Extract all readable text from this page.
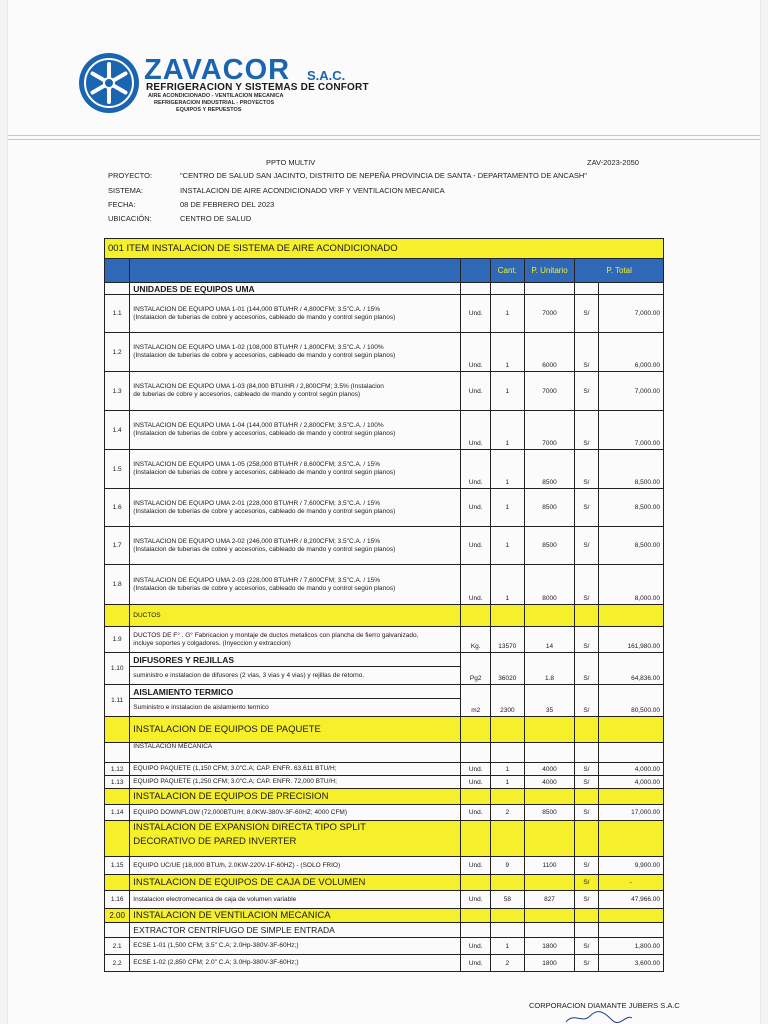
ZAVACOR S.A.C.
REFRIGERACION Y SISTEMAS DE CONFORT
AIRE ACONDICIONADO - VENTILACION MECANICA
REFRIGERACION INDUSTRIAL - PROYECTOS
EQUIPOS Y REPUESTOS
PPTO MULTIV	ZAV-2023-2050
PROYECTO:	"CENTRO DE SALUD SAN JACINTO, DISTRITO DE NEPEÑA PROVINCIA DE SANTA - DEPARTAMENTO DE ANCASH"
SISTEMA:	INSTALACION DE AIRE ACONDICIONADO VRF Y VENTILACION MECANICA
FECHA:	08 DE FEBRERO DEL 2023
UBICACIÓN:	CENTRO DE SALUD
001 ITEM INSTALACION DE SISTEMA DE AIRE ACONDICIONADO						
			Cant.	P. Unitario	P. Total	
	UNIDADES DE EQUIPOS UMA					
1.1	INSTALACION DE EQUIPO UMA 1-01 (144,000 BTU/HR / 4,800CFM; 3.5"C.A. / 15%
(Instalacion de tuberias de cobre y accesorios, cableado de mando y control según planos)	Und.	1	7000	S/	7,000.00
1.2	INSTALACION DE EQUIPO UMA 1-02 (108,000 BTU/HR / 1,800CFM; 3.5"C.A. / 100%
(Instalacion de tuberias de cobre y accesorios, cableado de mando y control según planos)	Und.	1	6000	S/	6,000.00
1.3	INSTALACION DE EQUIPO UMA 1-03 (84,000 BTU/HR / 2,800CFM; 3.5% (Instalacion
de tuberias de cobre y accesorios, cableado de mando y control según planos)	Und.	1	7000	S/	7,000.00
1.4	INSTALACION DE EQUIPO UMA 1-04 (144,000 BTU/HR / 2,800CFM; 3.5"C.A. / 100%
(Instalacion de tuberias de cobre y accesorios, cableado de mando y control según planos)	Und.	1	7000	S/	7,000.00
1.5	INSTALACION DE EQUIPO UMA 1-05 (258,000 BTU/HR / 8,600CFM; 3.5"C.A. / 15%
(Instalacion de tuberias de cobre y accesorios, cableado de mando y control según planos)	Und.	1	8500	S/	8,500.00
1.6	INSTALACION DE EQUIPO UMA 2-01 (228,000 BTU/HR / 7,600CFM; 3.5"C.A. / 15%
(Instalacion de tuberias de cobre y accesorios, cableado de mando y control según planos)	Und.	1	8500	S/	8,500.00
1.7	INSTALACION DE EQUIPO UMA 2-02 (246,000 BTU/HR / 8,200CFM; 3.5"C.A. / 15%
(Instalacion de tuberias de cobre y accesorios, cableado de mando y control según planos)	Und.	1	8500	S/	8,500.00
1.8	INSTALACION DE EQUIPO UMA 2-03 (228,000 BTU/HR / 7,600CFM; 3.5"C.A. / 15%
(Instalacion de tuberias de cobre y accesorios, cableado de mando y control según planos)	Und.	1	8000	S/	8,000.00
	DUCTOS					
1.9	DUCTOS DE F° . G° Fabricacion y montaje de ductos metalicos con plancha de fierro galvanizado,
incluye soportes y colgadores. (Inyeccion y extraccion)	Kg.	13570	14	S/	161,980.00
1.10	DIFUSORES Y REJILLAS	Pg2	36020	1.8	S/	64,836.00
	suministro e instalacion de difusores (2 vias, 3 vias y 4 vias) y rejillas de retorno.					
1.11	AISLAMIENTO TERMICO	m2	2300	35	S/	80,500.00
	Suministro e instalacion de aislamiento termico					
	INSTALACION DE EQUIPOS DE PAQUETE					
	INSTALACION MECANICA					
1.12	EQUIPO PAQUETE (1,150 CFM; 3.0"C.A; CAP. ENFR. 63,611 BTU/H;	Und.	1	4000	S/	4,000.00
1.13	EQUIPO PAQUETE (1,250 CFM; 3.0"C.A; CAP. ENFR. 72,000 BTU/H;	Und.	1	4000	S/	4,000.00
	INSTALACION DE EQUIPOS DE PRECISION					
1.14	EQUIPO DOWNFLOW (72,000BTU/H; 8.0KW-380V-3F-60HZ; 4000 CFM)	Und.	2	8500	S/	17,000.00

	INSTALACION DE EXPANSION DIRECTA TIPO SPLIT
DECORATIVO DE PARED INVERTER					

1.15	EQUIPO UC/UE (18,000 BTU/h, 2.0KW-220V-1F-60HZ) - (SOLO FRIO)	Und.	9	1100	S/	9,900.00
	INSTALACION DE EQUIPOS DE CAJA DE VOLUMEN				S/	-
1.16	Instalacion electromecanica de caja de volumen variable	Und.	58	827	S/	47,966.00
2.00	INSTALACION DE VENTILACION MECANICA					
	EXTRACTOR CENTRÍFUGO DE SIMPLE ENTRADA					
2.1	ECSE 1-01 (1,500 CFM; 3.5" C.A; 2.0Hp-380V-3F-60Hz;)	Und.	1	1800	S/	1,800.00
2.2	ECSE 1-02 (2,850 CFM; 2.0" C.A; 3.0Hp-380V-3F-60Hz;)	Und.	2	1800	S/	3,600.00
CORPORACION DIAMANTE JUBERS S.A.C
